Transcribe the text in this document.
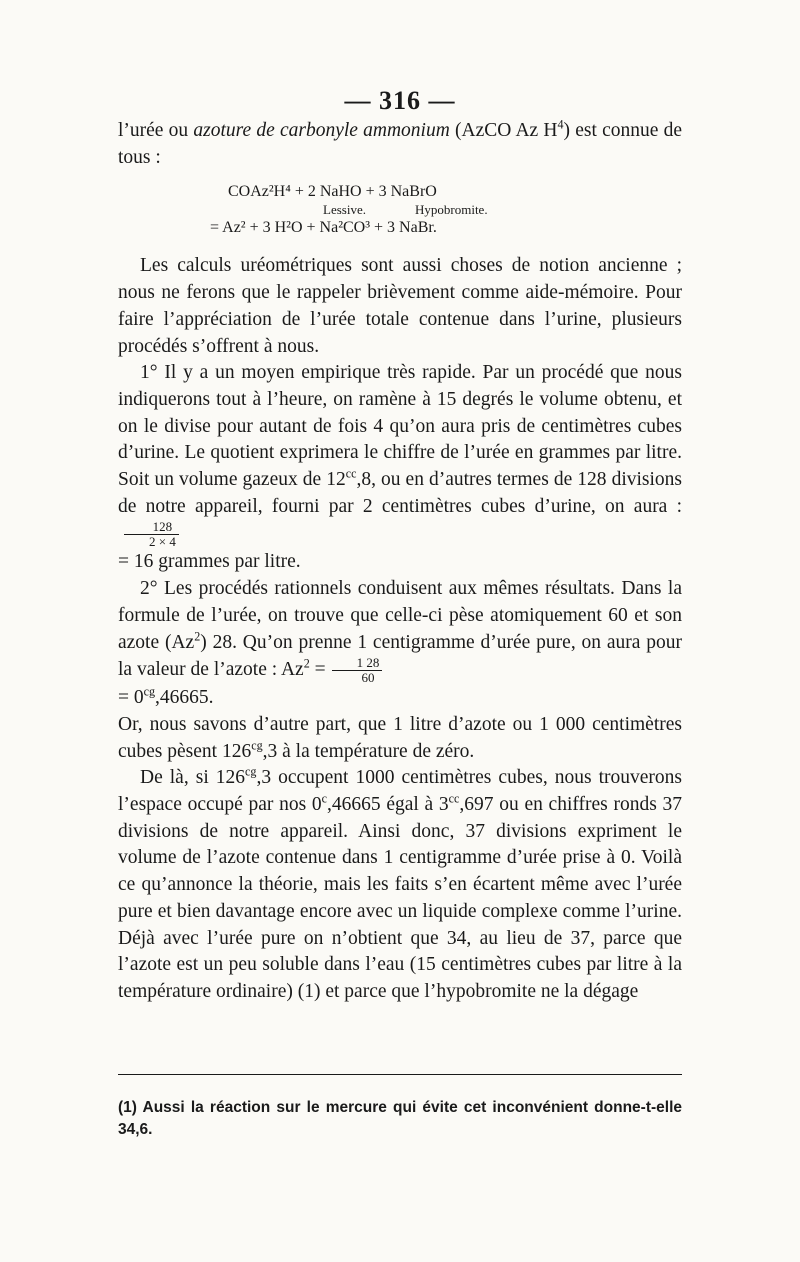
— 316 —

l’urée ou azoture de carbonyle ammonium (AzCO Az $H^4$) est connue de tous :

COAz²H⁴ + 2 NaHO + 3 NaBrO
Lessive.	Hypobromite.
= Az² + 3 H²O + Na²CO³ + 3 NaBr.

Les calculs uréométriques sont aussi choses de notion ancienne ; nous ne ferons que le rappeler brièvement comme aide-mémoire. Pour faire l’appréciation de l’urée totale contenue dans l’urine, plusieurs procédés s’offrent à nous.

1° Il y a un moyen empirique très rapide. Par un procédé que nous indiquerons tout à l’heure, on ramène à 15 degrés le volume obtenu, et on le divise pour autant de fois 4 qu’on aura pris de centimètres cubes d’urine. Le quotient exprimera le chiffre de l’urée en grammes par litre. Soit un volume gazeux de $12^{cc},8$, ou en d’autres termes de 128 divisions de notre appareil, fourni par 2 centimètres cubes d’urine, on aura :
$\frac{128}{2 \times 4}$

= 16 grammes par litre.

2° Les procédés rationnels conduisent aux mêmes résultats. Dans la formule de l’urée, on trouve que celle-ci pèse atomiquement 60 et son azote (Az$^2$) 28. Qu’on prenne 1 centigramme d’urée pure, on aura pour la valeur de l’azote : $Az^2 = \frac{1 28}{60}$

= $0^{cg},46665$.

Or, nous savons d’autre part, que 1 litre d’azote ou 1 000 centimètres cubes pèsent $126^{cg},3$ à la température de zéro.

De là, si $126^{cg},3$ occupent 1000 centimètres cubes, nous trouverons l’espace occupé par nos 0$^c$,46665 égal à $3^{cc},697$ ou en chiffres ronds 37 divisions de notre appareil. Ainsi donc, 37 divisions expriment le volume de l’azote contenue dans 1 centigramme d’urée prise à 0. Voilà ce qu’annonce la théorie, mais les faits s’en écartent même avec l’urée pure et bien davantage encore avec un liquide complexe comme l’urine. Déjà avec l’urée pure on n’obtient que 34, au lieu de 37, parce que l’azote est un peu soluble dans l’eau (15 centimètres cubes par litre à la température ordinaire) (1) et parce que l’hypobromite ne la dégage

(1) Aussi la réaction sur le mercure qui évite cet inconvénient donne-t-elle 34,6.
